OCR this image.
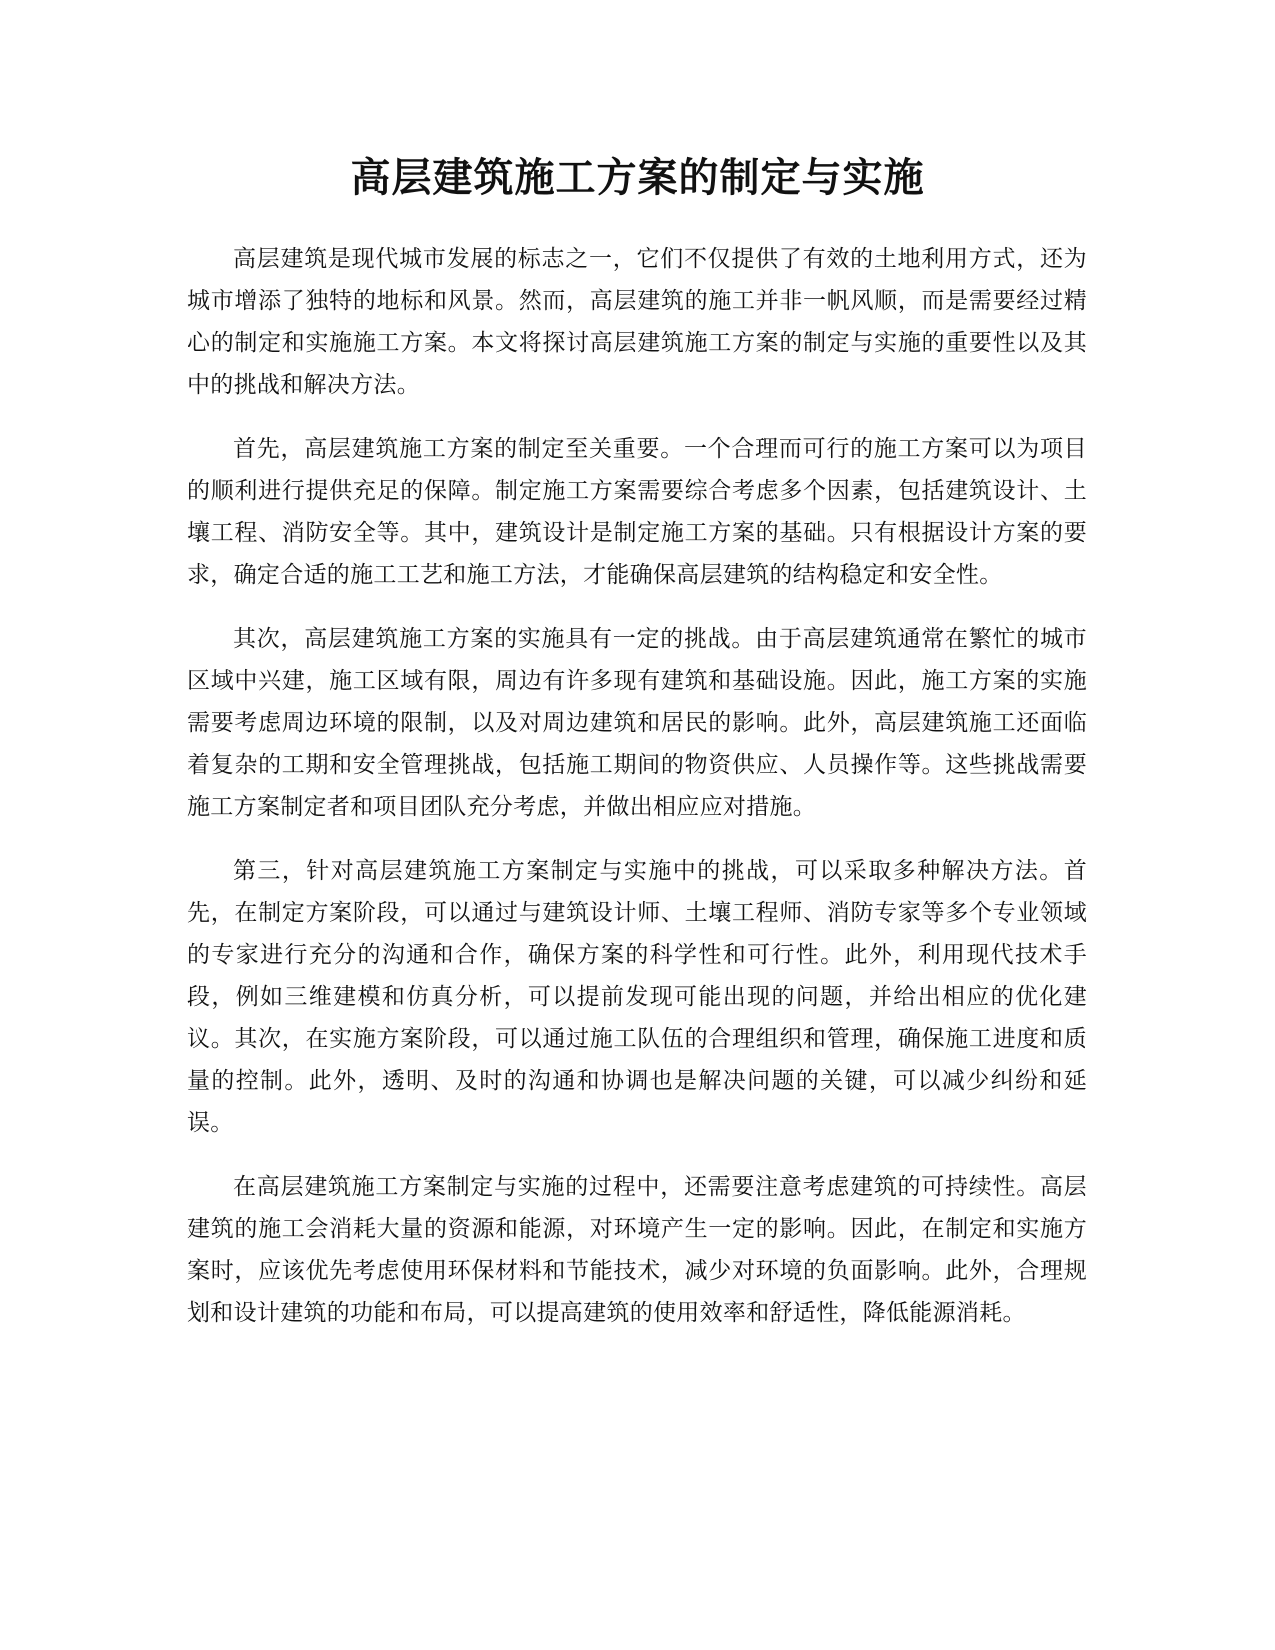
高层建筑施工方案的制定与实施

高层建筑是现代城市发展的标志之一，它们不仅提供了有效的土地利用方式，还为城市增添了独特的地标和风景。然而，高层建筑的施工并非一帆风顺，而是需要经过精心的制定和实施施工方案。本文将探讨高层建筑施工方案的制定与实施的重要性以及其中的挑战和解决方法。

首先，高层建筑施工方案的制定至关重要。一个合理而可行的施工方案可以为项目的顺利进行提供充足的保障。制定施工方案需要综合考虑多个因素，包括建筑设计、土壤工程、消防安全等。其中，建筑设计是制定施工方案的基础。只有根据设计方案的要求，确定合适的施工工艺和施工方法，才能确保高层建筑的结构稳定和安全性。

其次，高层建筑施工方案的实施具有一定的挑战。由于高层建筑通常在繁忙的城市区域中兴建，施工区域有限，周边有许多现有建筑和基础设施。因此，施工方案的实施需要考虑周边环境的限制，以及对周边建筑和居民的影响。此外，高层建筑施工还面临着复杂的工期和安全管理挑战，包括施工期间的物资供应、人员操作等。这些挑战需要施工方案制定者和项目团队充分考虑，并做出相应应对措施。

第三，针对高层建筑施工方案制定与实施中的挑战，可以采取多种解决方法。首先，在制定方案阶段，可以通过与建筑设计师、土壤工程师、消防专家等多个专业领域的专家进行充分的沟通和合作，确保方案的科学性和可行性。此外，利用现代技术手段，例如三维建模和仿真分析，可以提前发现可能出现的问题，并给出相应的优化建议。其次，在实施方案阶段，可以通过施工队伍的合理组织和管理，确保施工进度和质量的控制。此外，透明、及时的沟通和协调也是解决问题的关键，可以减少纠纷和延误。

在高层建筑施工方案制定与实施的过程中，还需要注意考虑建筑的可持续性。高层建筑的施工会消耗大量的资源和能源，对环境产生一定的影响。因此，在制定和实施方案时，应该优先考虑使用环保材料和节能技术，减少对环境的负面影响。此外，合理规划和设计建筑的功能和布局，可以提高建筑的使用效率和舒适性，降低能源消耗。
